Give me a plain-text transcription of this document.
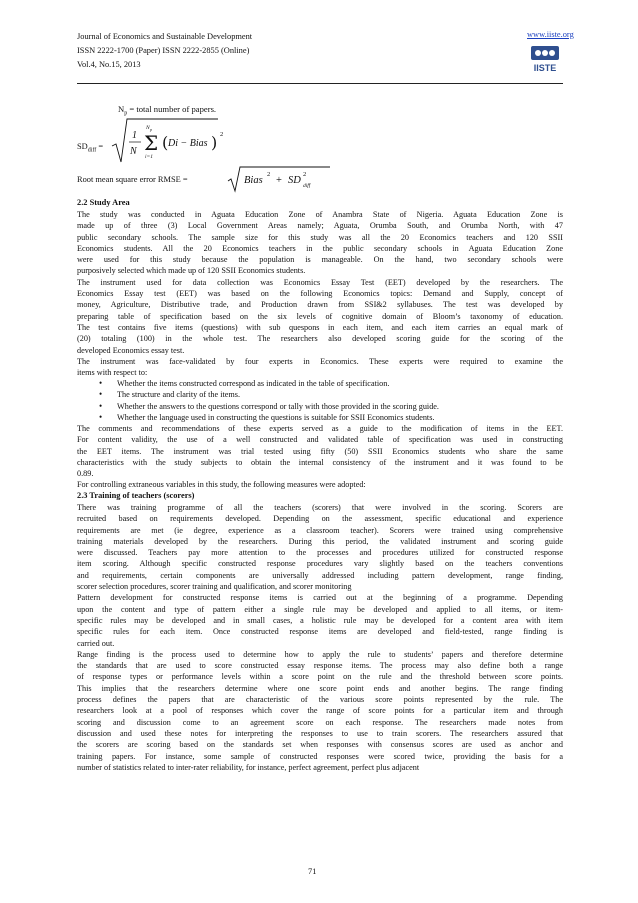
Journal of Economics and Sustainable Development
ISSN 2222-1700 (Paper) ISSN 2222-2855 (Online)
Vol.4, No.15, 2013
www.iiste.org
IISTE
$N_p$ = total number of papers.
$SD_{diff}$ =
1
N
N p
Σ
i=1
( Di − Bias ) 2
Root mean square error RMSE =	Bias
2
+ SD
2
diff
2.2 Study Area
The study was conducted in Aguata Education Zone of Anambra State of Nigeria. Aguata Education Zone is
made up of three (3) Local Government Areas namely; Aguata, Orumba South, and Orumba North, with 47
public secondary schools. The sample size for this study was all the 20 Economics teachers and 120 SSII
Economics students. All the 20 Economics teachers in the public secondary schools in Aguata Education Zone
were used for this study because the population is manageable. On the hand, two secondary schools were
purposively selected which made up of 120 SSII Economics students.
The instrument used for data collection was Economics Essay Test (EET) developed by the researchers. The
Economics Essay test (EET) was based on the following Economics topics: Demand and Supply, concept of
money, Agriculture, Distributive trade, and Production drawn from SSI&2 syllabuses. The test was developed by
preparing table of specification based on the six levels of cognitive domain of Bloom’s taxonomy of education.
The test contains five items (questions) with sub quespons in each item, and each item carries an equal mark of
(20) totaling (100) in the whole test. The researchers also developed scoring guide for the scoring of the
developed Economics essay test.
The instrument was face-validated by four experts in Economics. These experts were required to examine the
items with respect to:
• Whether the items constructed correspond as indicated in the table of specification.
• The structure and clarity of the items.
• Whether the answers to the questions correspond or tally with those provided in the scoring guide.
• Whether the language used in constructing the questions is suitable for SSII Economics students.
The comments and recommendations of these experts served as a guide to the modification of items in the EET.
For content validity, the use of a well constructed and validated table of specification was used in constructing
the EET items. The instrument was trial tested using fifty (50) SSII Economics students who share the same
characteristics with the study subjects to obtain the internal consistency of the instrument and it was found to be
0.89.
For controlling extraneous variables in this study, the following measures were adopted:
2.3 Training of teachers (scorers)
There was training programme of all the teachers (scorers) that were involved in the scoring. Scorers are
recruited based on requirements developed. Depending on the assessment, specific educational and experience
requirements are met (ie degree, experience as a classroom teacher). Scorers were trained using comprehensive
training materials developed by the researchers. During this period, the validated instrument and scoring guide
were discussed. Teachers pay more attention to the processes and procedures utilized for constructed response
item scoring. Although specific constructed response procedures vary slightly based on the teachers conventions
and requirements, certain components are universally addressed including pattern development, range finding,
scorer selection procedures, scorer training and qualification, and scorer monitoring
Pattern development for constructed response items is carried out at the beginning of a programme. Depending
upon the content and type of pattern either a single rule may be developed and applied to all items, or item-
specific rules may be developed and in small cases, a holistic rule may be developed for a content area with item
specific rules for each item. Once constructed response items are developed and field-tested, range finding is
carried out.
Range finding is the process used to determine how to apply the rule to students’ papers and therefore determine
the standards that are used to score constructed essay response items. The process may also define both a range
of response types or performance levels within a score point on the rule and the threshold between score points.
This implies that the researchers determine where one score point ends and another begins. The range finding
process defines the papers that are characteristic of the various score points represented by the rule. The
researchers look at a pool of responses which cover the range of score points for a particular item and through
scoring and discussion come to an agreement score on each response. The researchers made notes from
discussion and used these notes for interpreting the responses to use to train scorers. The researchers assured that
the scorers are scoring based on the standards set when responses with consensus scores are used as anchor and
training papers. For instance, some sample of constructed responses were scored twice, providing the basis for a
number of statistics related to inter-rater reliability, for instance, perfect agreement, perfect plus adjacent
71
